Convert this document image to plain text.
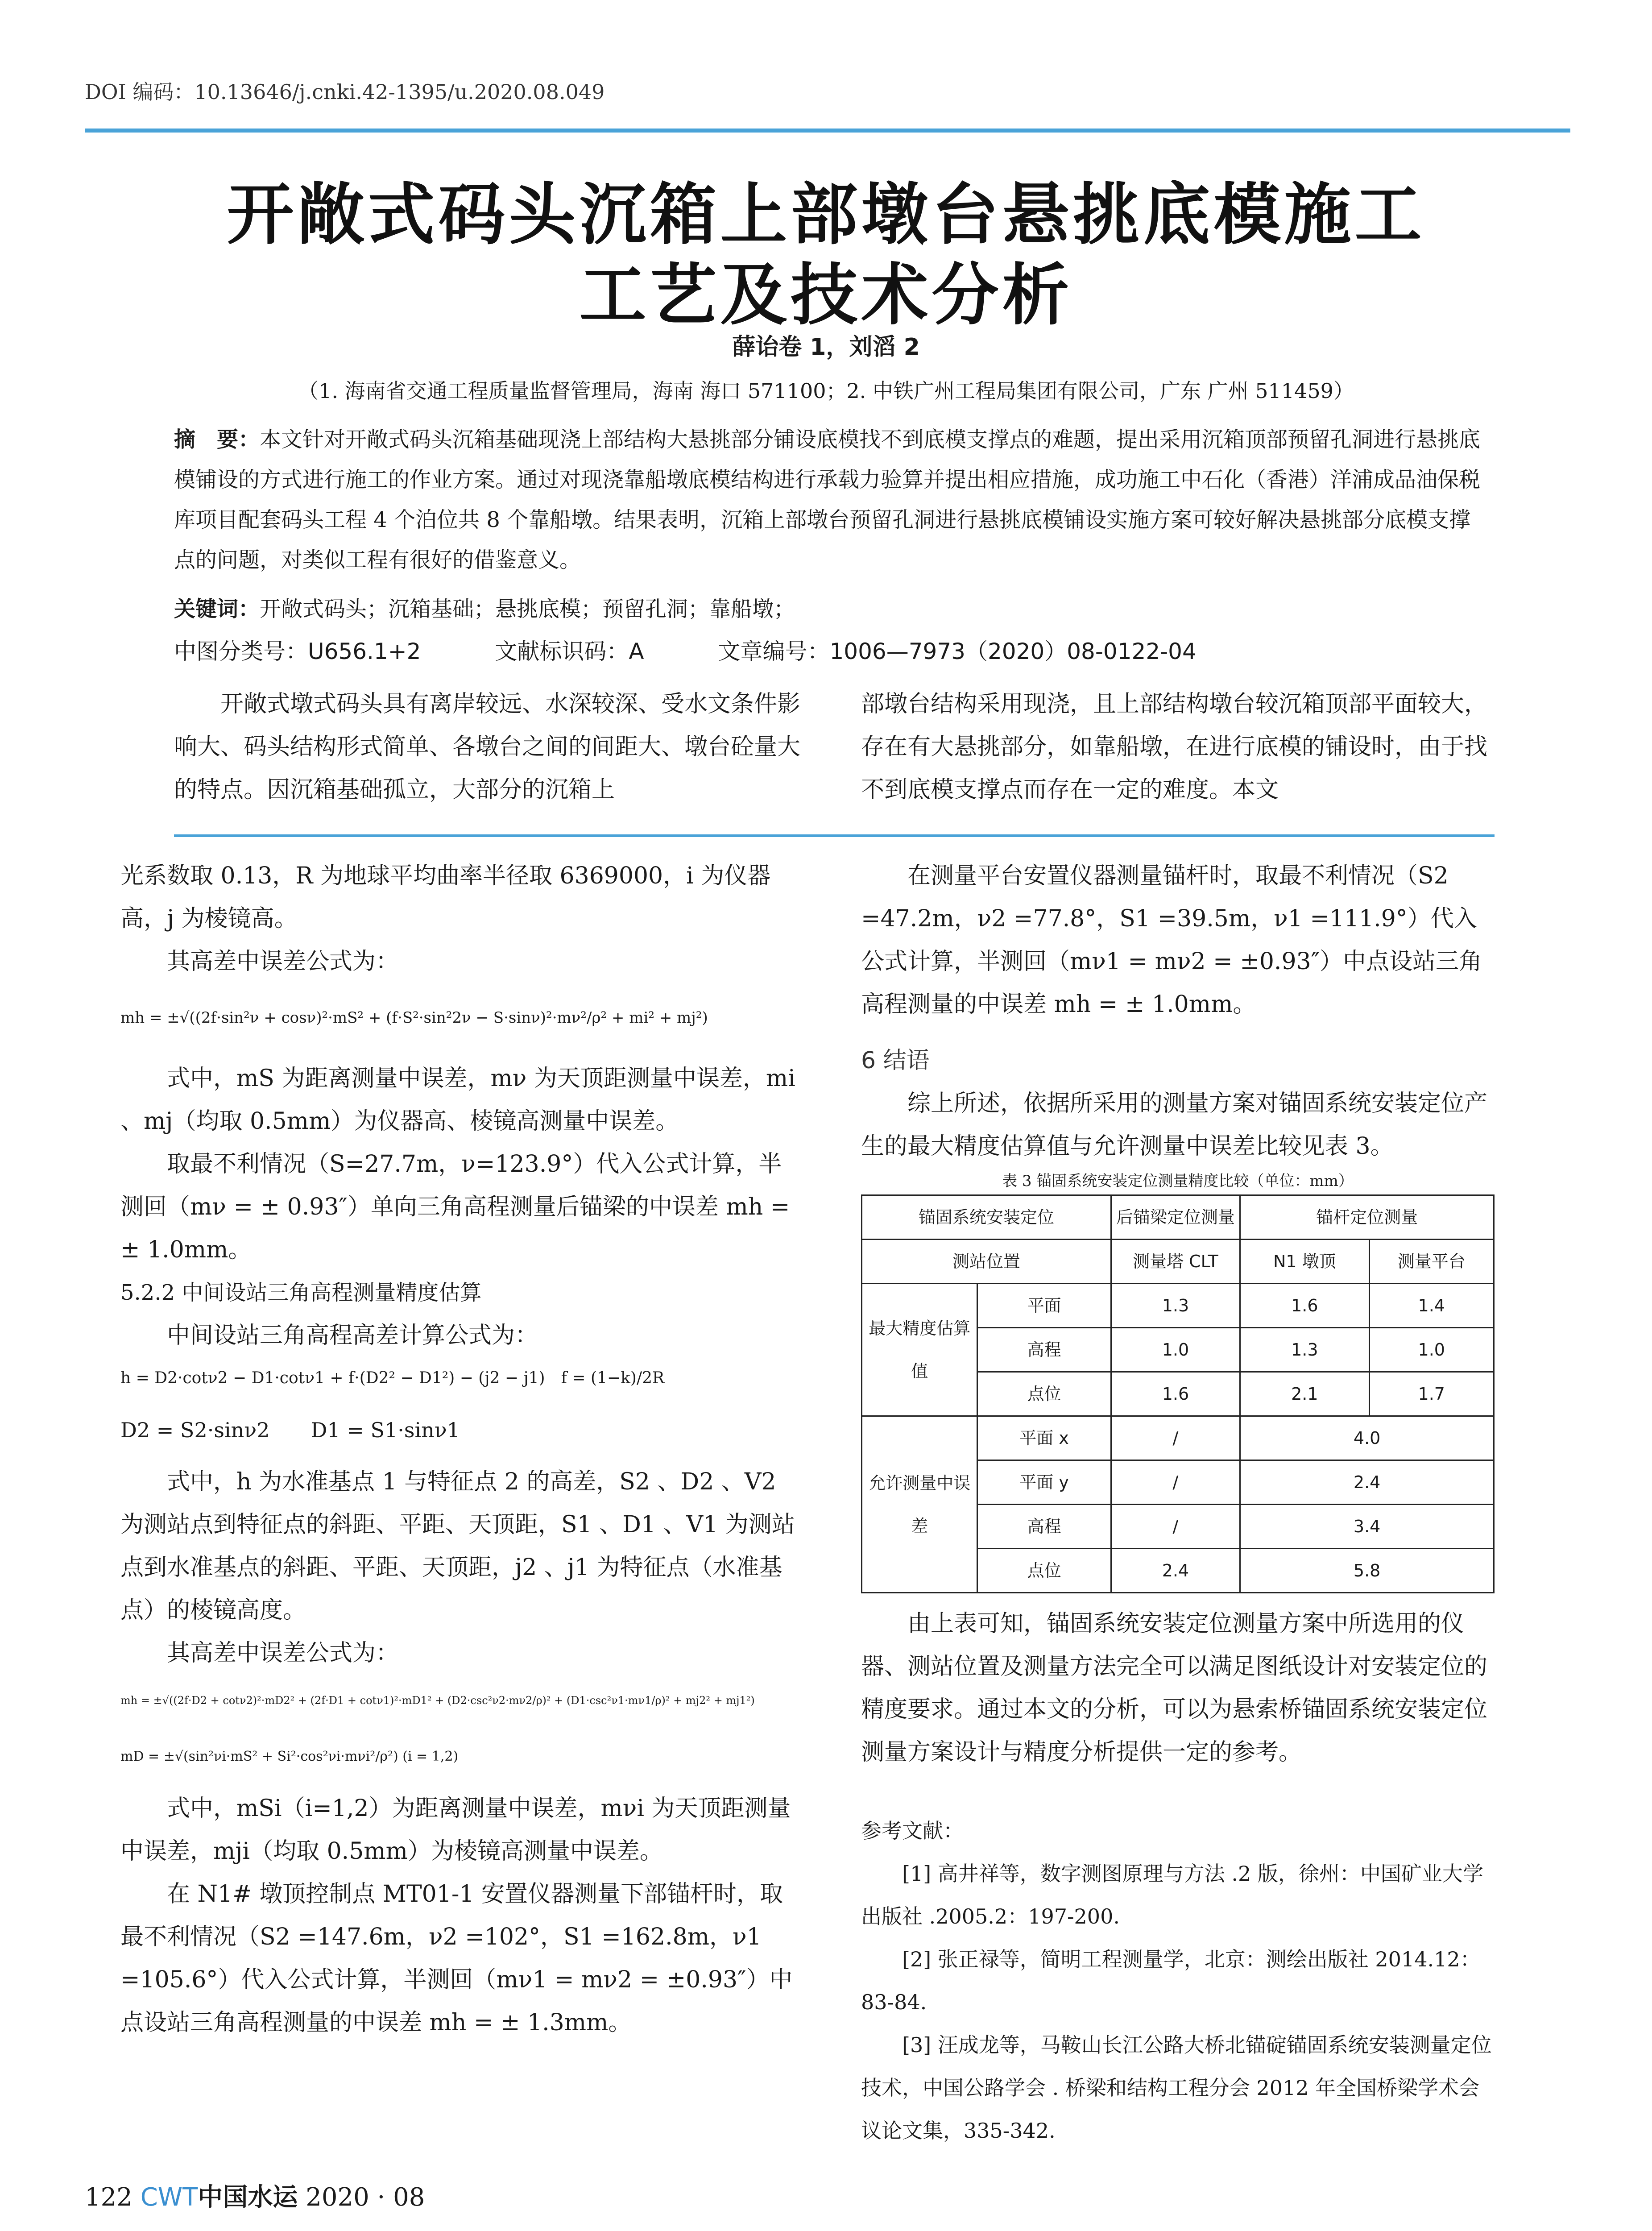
DOI 编码：10.13646/j.cnki.42-1395/u.2020.08.049
开敞式码头沉箱上部墩台悬挑底模施工
工艺及技术分析
薛诒卷 1，刘滔 2
（1. 海南省交通工程质量监督管理局，海南 海口 571100；2. 中铁广州工程局集团有限公司，广东 广州 511459）
摘　要：本文针对开敞式码头沉箱基础现浇上部结构大悬挑部分铺设底模找不到底模支撑点的难题，提出采用沉箱顶部预留孔洞进行悬挑底模铺设的方式进行施工的作业方案。通过对现浇靠船墩底模结构进行承载力验算并提出相应措施，成功施工中石化（香港）洋浦成品油保税库项目配套码头工程 4 个泊位共 8 个靠船墩。结果表明，沉箱上部墩台预留孔洞进行悬挑底模铺设实施方案可较好解决悬挑部分底模支撑点的问题，对类似工程有很好的借鉴意义。
关键词：开敞式码头；沉箱基础；悬挑底模；预留孔洞；靠船墩；
中图分类号：U656.1+2	文献标识码：A	文章编号：1006—7973（2020）08-0122-04

开敞式墩式码头具有离岸较远、水深较深、受水文条件影响大、码头结构形式简单、各墩台之间的间距大、墩台砼量大的特点。因沉箱基础孤立，大部分的沉箱上

部墩台结构采用现浇，且上部结构墩台较沉箱顶部平面较大，存在有大悬挑部分，如靠船墩，在进行底模的铺设时，由于找不到底模支撑点而存在一定的难度。本文

光系数取 0.13，R 为地球平均曲率半径取 6369000，i 为仪器高，j 为棱镜高。

其高差中误差公式为：

mh = ±√((2f·sin²ν + cosν)²·mS² + (f·S²·sin²2ν − S·sinν)²·mν²/ρ² + mi² + mj²)

式中，mS 为距离测量中误差，mν 为天顶距测量中误差，mi 、mj（均取 0.5mm）为仪器高、棱镜高测量中误差。

取最不利情况（S=27.7m，ν=123.9°）代入公式计算，半测回（mν = ± 0.93″）单向三角高程测量后锚梁的中误差 mh = ± 1.0mm。

5.2.2 中间设站三角高程测量精度估算

中间设站三角高程高差计算公式为：

h = D2·cotν2 − D1·cotν1 + f·(D2² − D1²) − (j2 − j1)　 f = (1−k)/2R
D2 = S2·sinν2　　D1 = S1·sinν1

式中，h 为水准基点 1 与特征点 2 的高差，S2 、D2 、V2 为测站点到特征点的斜距、平距、天顶距，S1 、D1 、V1 为测站点到水准基点的斜距、平距、天顶距，j2 、j1 为特征点（水准基点）的棱镜高度。

其高差中误差公式为：

mh = ±√((2f·D2 + cotν2)²·mD2² + (2f·D1 + cotν1)²·mD1² + (D2·csc²ν2·mν2/ρ)² + (D1·csc²ν1·mν1/ρ)² + mj2² + mj1²)
mD = ±√(sin²νi·mS² + Si²·cos²νi·mνi²/ρ²) (i = 1,2)

式中，mSi（i=1,2）为距离测量中误差，mνi 为天顶距测量中误差，mji（均取 0.5mm）为棱镜高测量中误差。

在 N1# 墩顶控制点 MT01-1 安置仪器测量下部锚杆时，取最不利情况（S2 =147.6m，ν2 =102°，S1 =162.8m，ν1 =105.6°）代入公式计算，半测回（mν1 = mν2 = ±0.93″）中点设站三角高程测量的中误差 mh = ± 1.3mm。

在测量平台安置仪器测量锚杆时，取最不利情况（S2 =47.2m，ν2 =77.8°，S1 =39.5m，ν1 =111.9°）代入公式计算，半测回（mν1 = mν2 = ±0.93″）中点设站三角高程测量的中误差 mh = ± 1.0mm。

6 结语

综上所述，依据所采用的测量方案对锚固系统安装定位产生的最大精度估算值与允许测量中误差比较见表 3。

表 3 锚固系统安装定位测量精度比较（单位：mm）
锚固系统安装定位		后锚梁定位测量	锚杆定位测量	
测站位置		测量塔 CLT	N1 墩顶	测量平台
最大精度估算值	平面	1.3	1.6	1.4
	高程	1.0	1.3	1.0
	点位	1.6	2.1	1.7
允许测量中误差	平面 x	/	4.0	
	平面 y	/	2.4	
	高程	/	3.4	
	点位	2.4	5.8	

由上表可知，锚固系统安装定位测量方案中所选用的仪器、测站位置及测量方法完全可以满足图纸设计对安装定位的精度要求。通过本文的分析，可以为悬索桥锚固系统安装定位测量方案设计与精度分析提供一定的参考。

参考文献：

[1] 高井祥等，数字测图原理与方法 .2 版，徐州：中国矿业大学出版社 .2005.2：197-200.

[2] 张正禄等，简明工程测量学，北京：测绘出版社 2014.12：83-84.

[3] 汪成龙等，马鞍山长江公路大桥北锚碇锚固系统安装测量定位技术，中国公路学会 . 桥梁和结构工程分会 2012 年全国桥梁学术会议论文集，335-342.

122 CWT中国水运 2020 · 08
